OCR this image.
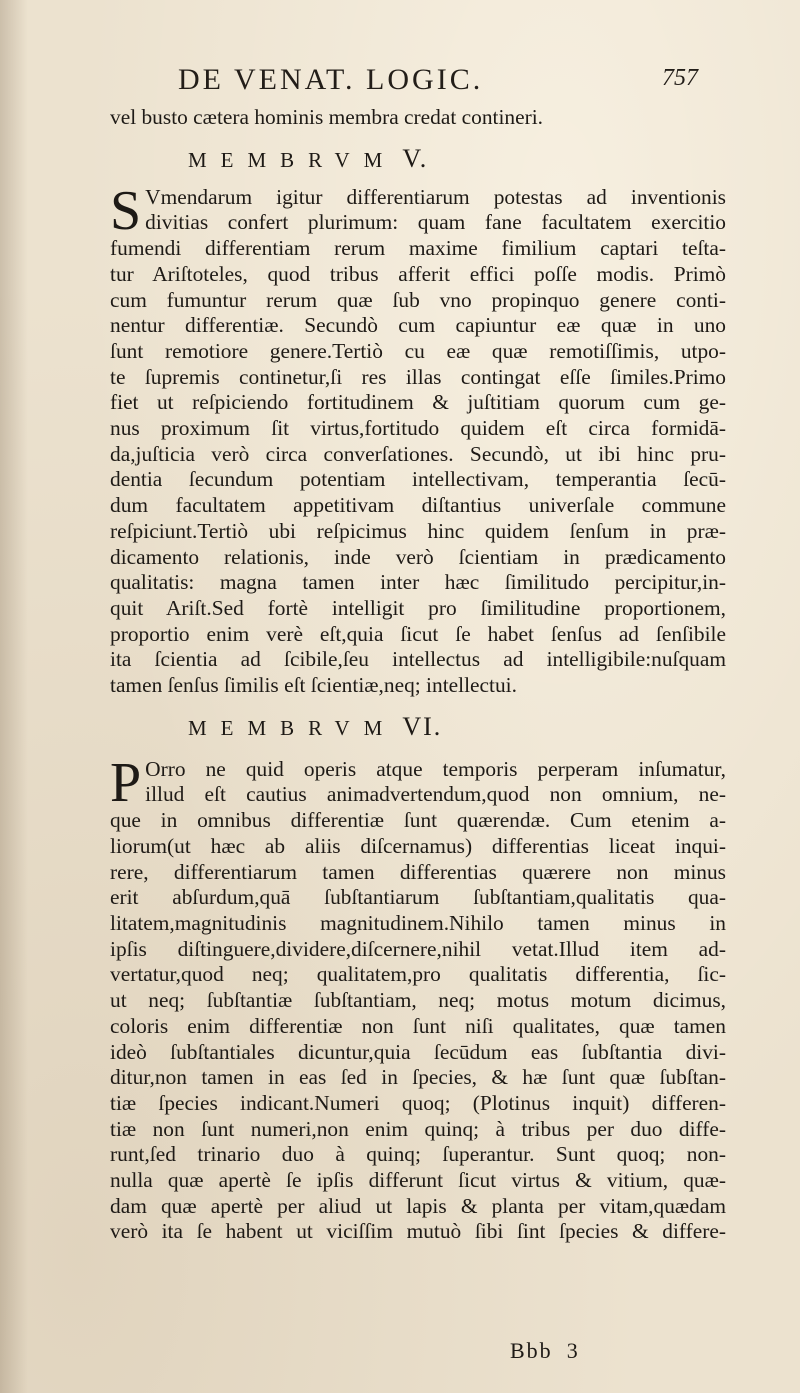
DE VENAT. LOGIC.	757
vel busto cætera hominis membra credat contineri.
MEMBRVM V.
S Vmendarum igitur differentiarum potestas ad inventionis
divitias confert plurimum: quam fane facultatem exercitio
fumendi differentiam rerum maxime fimilium captari teſta-
tur Ariſtoteles, quod tribus afferit effici poſſe modis. Primò
cum fumuntur rerum quæ ſub vno propinquo genere conti-
nentur differentiæ. Secundò cum capiuntur eæ quæ in uno
ſunt remotiore genere.Tertiò cu eæ quæ remotiſſimis, utpo-
te ſupremis continetur,ſi res illas contingat eſſe ſimiles.Primo
fiet ut reſpiciendo fortitudinem & juſtitiam quorum cum ge-
nus proximum ſit virtus,fortitudo quidem eſt circa formidā-
da,juſticia verò circa converſationes. Secundò, ut ibi hinc pru-
dentia ſecundum potentiam intellectivam, temperantia ſecū-
dum facultatem appetitivam diſtantius univerſale commune
reſpiciunt.Tertiò ubi reſpicimus hinc quidem ſenſum in præ-
dicamento relationis, inde verò ſcientiam in prædicamento
qualitatis: magna tamen inter hæc ſimilitudo percipitur,in-
quit Ariſt.Sed fortè intelligit pro ſimilitudine proportionem,
proportio enim verè eſt,quia ſicut ſe habet ſenſus ad ſenſibile
ita ſcientia ad ſcibile,ſeu intellectus ad intelligibile:nuſquam
tamen ſenſus ſimilis eſt ſcientiæ,neq; intellectui.
MEMBRVM VI.
P Orro ne quid operis atque temporis perperam inſumatur,
illud eſt cautius animadvertendum,quod non omnium, ne-
que in omnibus differentiæ ſunt quærendæ. Cum etenim a-
liorum(ut hæc ab aliis diſcernamus) differentias liceat inqui-
rere, differentiarum tamen differentias quærere non minus
erit abſurdum,quā ſubſtantiarum ſubſtantiam,qualitatis qua-
litatem,magnitudinis magnitudinem.Nihilo tamen minus in
ipſis diſtinguere,dividere,diſcernere,nihil vetat.Illud item ad-
vertatur,quod neq; qualitatem,pro qualitatis differentia, ſic-
ut neq; ſubſtantiæ ſubſtantiam, neq; motus motum dicimus,
coloris enim differentiæ non ſunt niſi qualitates, quæ tamen
ideò ſubſtantiales dicuntur,quia ſecūdum eas ſubſtantia divi-
ditur,non tamen in eas ſed in ſpecies, & hæ ſunt quæ ſubſtan-
tiæ ſpecies indicant.Numeri quoq; (Plotinus inquit) differen-
tiæ non ſunt numeri,non enim quinq; à tribus per duo diffe-
runt,ſed trinario duo à quinq; ſuperantur. Sunt quoq; non-
nulla quæ apertè ſe ipſis differunt ſicut virtus & vitium, quæ-
dam quæ apertè per aliud ut lapis & planta per vitam,quædam
verò ita ſe habent ut viciſſim mutuò ſibi ſint ſpecies & differe-
Bbb 3
